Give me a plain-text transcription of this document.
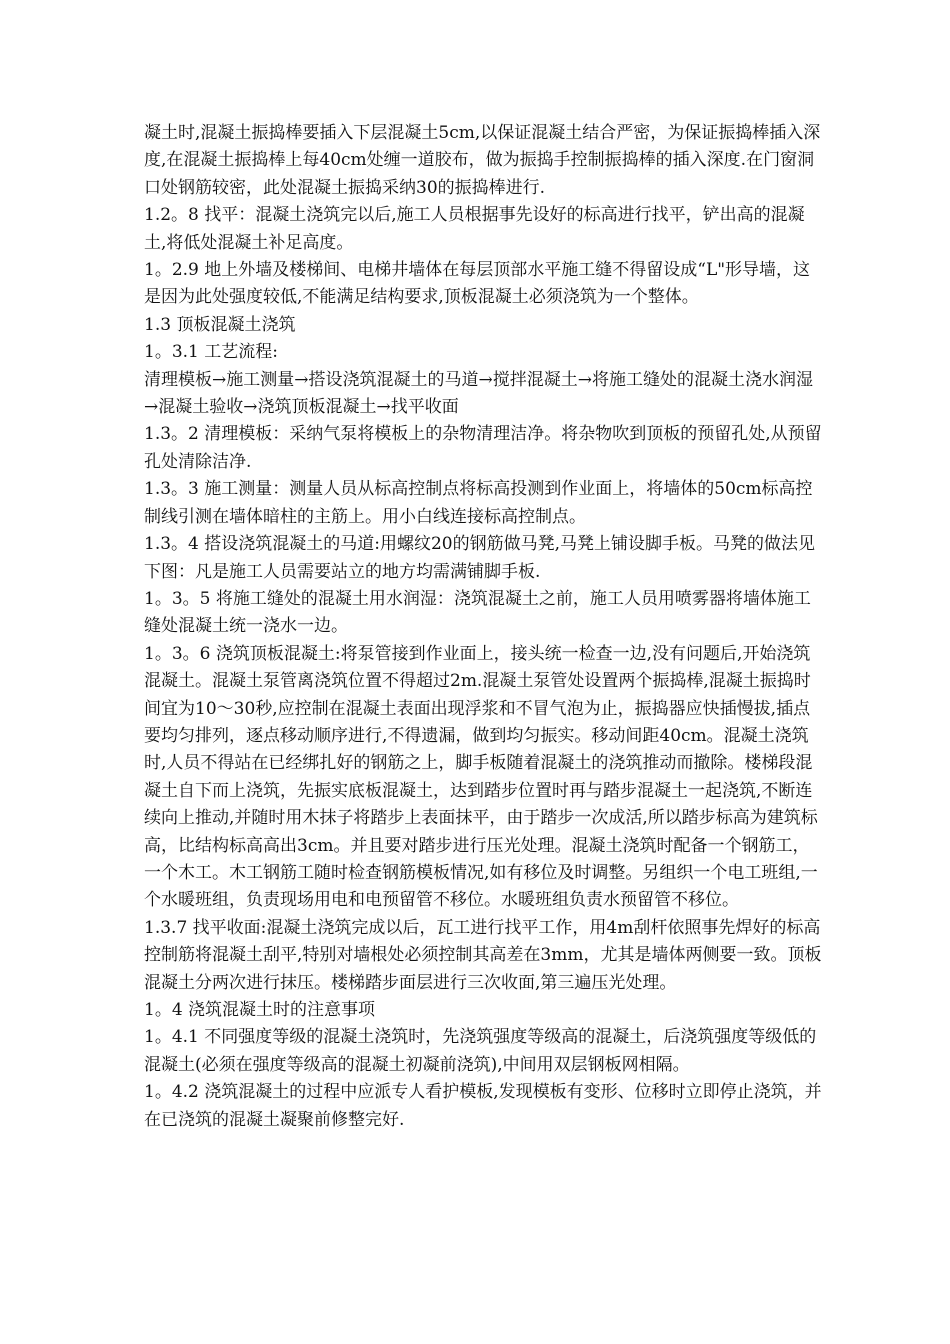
凝土时,混凝土振捣棒要插入下层混凝土5cm,以保证混凝土结合严密，为保证振捣棒插入深度,在混凝土振捣棒上每40cm处缠一道胶布，做为振捣手控制振捣棒的插入深度.在门窗洞口处钢筋较密，此处混凝土振捣采纳30的振捣棒进行.

1.2。8 找平：混凝土浇筑完以后,施工人员根据事先设好的标高进行找平，铲出高的混凝土,将低处混凝土补足高度。

1。2.9 地上外墙及楼梯间、电梯井墙体在每层顶部水平施工缝不得留设成“L"形导墙，这是因为此处强度较低,不能满足结构要求,顶板混凝土必须浇筑为一个整体。

1.3 顶板混凝土浇筑

1。3.1 工艺流程:

清理模板→施工测量→搭设浇筑混凝土的马道→搅拌混凝土→将施工缝处的混凝土浇水润湿→混凝土验收→浇筑顶板混凝土→找平收面

1.3。2 清理模板：采纳气泵将模板上的杂物清理洁净。将杂物吹到顶板的预留孔处,从预留孔处清除洁净.

1.3。3 施工测量：测量人员从标高控制点将标高投测到作业面上，将墙体的50cm标高控制线引测在墙体暗柱的主筋上。用小白线连接标高控制点。

1.3。4 搭设浇筑混凝土的马道:用螺纹20的钢筋做马凳,马凳上铺设脚手板。马凳的做法见下图：凡是施工人员需要站立的地方均需满铺脚手板.

1。3。5 将施工缝处的混凝土用水润湿：浇筑混凝土之前，施工人员用喷雾器将墙体施工缝处混凝土统一浇水一边。

1。3。6 浇筑顶板混凝土:将泵管接到作业面上，接头统一检查一边,没有问题后,开始浇筑混凝土。混凝土泵管离浇筑位置不得超过2m.混凝土泵管处设置两个振捣棒,混凝土振捣时间宜为10～30秒,应控制在混凝土表面出现浮浆和不冒气泡为止，振捣器应快插慢拔,插点要均匀排列，逐点移动顺序进行,不得遗漏，做到均匀振实。移动间距40cm。混凝土浇筑时,人员不得站在已经绑扎好的钢筋之上，脚手板随着混凝土的浇筑推动而撤除。楼梯段混凝土自下而上浇筑，先振实底板混凝土，达到踏步位置时再与踏步混凝土一起浇筑,不断连续向上推动,并随时用木抹子将踏步上表面抹平，由于踏步一次成活,所以踏步标高为建筑标高，比结构标高高出3cm。并且要对踏步进行压光处理。混凝土浇筑时配备一个钢筋工，一个木工。木工钢筋工随时检查钢筋模板情况,如有移位及时调整。另组织一个电工班组,一个水暖班组，负责现场用电和电预留管不移位。水暖班组负责水预留管不移位。

1.3.7 找平收面:混凝土浇筑完成以后，瓦工进行找平工作，用4m刮杆依照事先焊好的标高控制筋将混凝土刮平,特别对墙根处必须控制其高差在3mm，尤其是墙体两侧要一致。顶板混凝土分两次进行抹压。楼梯踏步面层进行三次收面,第三遍压光处理。

1。4 浇筑混凝土时的注意事项

1。4.1 不同强度等级的混凝土浇筑时，先浇筑强度等级高的混凝土，后浇筑强度等级低的混凝土(必须在强度等级高的混凝土初凝前浇筑),中间用双层钢板网相隔。

1。4.2 浇筑混凝土的过程中应派专人看护模板,发现模板有变形、位移时立即停止浇筑，并在已浇筑的混凝土凝聚前修整完好.
